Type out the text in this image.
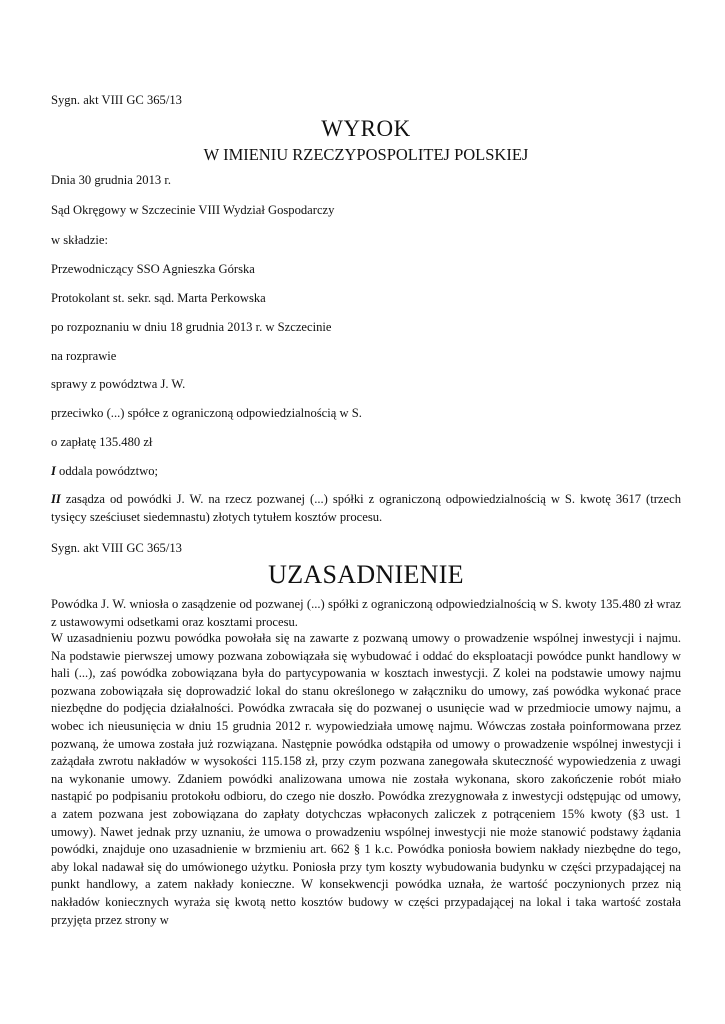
Sygn. akt VIII GC 365/13
WYROK
W IMIENIU RZECZYPOSPOLITEJ POLSKIEJ
Dnia 30 grudnia 2013 r.
Sąd Okręgowy w Szczecinie VIII Wydział Gospodarczy
w składzie:
Przewodniczący SSO Agnieszka Górska
Protokolant st. sekr. sąd. Marta Perkowska
po rozpoznaniu w dniu 18 grudnia 2013 r. w Szczecinie
na rozprawie
sprawy z powództwa J. W.
przeciwko (...) spółce z ograniczoną odpowiedzialnością w S.
o zapłatę 135.480 zł
I oddala powództwo;
II zasądza od powódki J. W. na rzecz pozwanej (...) spółki z ograniczoną odpowiedzialnością w S. kwotę 3617 (trzech tysięcy sześciuset siedemnastu) złotych tytułem kosztów procesu.
Sygn. akt VIII GC 365/13
UZASADNIENIE
Powódka J. W. wniosła o zasądzenie od pozwanej (...) spółki z ograniczoną odpowiedzialnością w S. kwoty 135.480 zł wraz z ustawowymi odsetkami oraz kosztami procesu.
W uzasadnieniu pozwu powódka powołała się na zawarte z pozwaną umowy o prowadzenie wspólnej inwestycji i najmu. Na podstawie pierwszej umowy pozwana zobowiązała się wybudować i oddać do eksploatacji powódce punkt handlowy w hali (...), zaś powódka zobowiązana była do partycypowania w kosztach inwestycji. Z kolei na podstawie umowy najmu pozwana zobowiązała się doprowadzić lokal do stanu określonego w załączniku do umowy, zaś powódka wykonać prace niezbędne do podjęcia działalności. Powódka zwracała się do pozwanej o usunięcie wad w przedmiocie umowy najmu, a wobec ich nieusunięcia w dniu 15 grudnia 2012 r. wypowiedziała umowę najmu. Wówczas została poinformowana przez pozwaną, że umowa została już rozwiązana. Następnie powódka odstąpiła od umowy o prowadzenie wspólnej inwestycji i zażądała zwrotu nakładów w wysokości 115.158 zł, przy czym pozwana zanegowała skuteczność wypowiedzenia z uwagi na wykonanie umowy. Zdaniem powódki analizowana umowa nie została wykonana, skoro zakończenie robót miało nastąpić po podpisaniu protokołu odbioru, do czego nie doszło. Powódka zrezygnowała z inwestycji odstępując od umowy, a zatem pozwana jest zobowiązana do zapłaty dotychczas wpłaconych zaliczek z potrąceniem 15% kwoty (§3 ust. 1 umowy). Nawet jednak przy uznaniu, że umowa o prowadzeniu wspólnej inwestycji nie może stanowić podstawy żądania powódki, znajduje ono uzasadnienie w brzmieniu art. 662 § 1 k.c. Powódka poniosła bowiem nakłady niezbędne do tego, aby lokal nadawał się do umówionego użytku. Poniosła przy tym koszty wybudowania budynku w części przypadającej na punkt handlowy, a zatem nakłady konieczne. W konsekwencji powódka uznała, że wartość poczynionych przez nią nakładów koniecznych wyraża się kwotą netto kosztów budowy w części przypadającej na lokal i taka wartość została przyjęta przez strony w
